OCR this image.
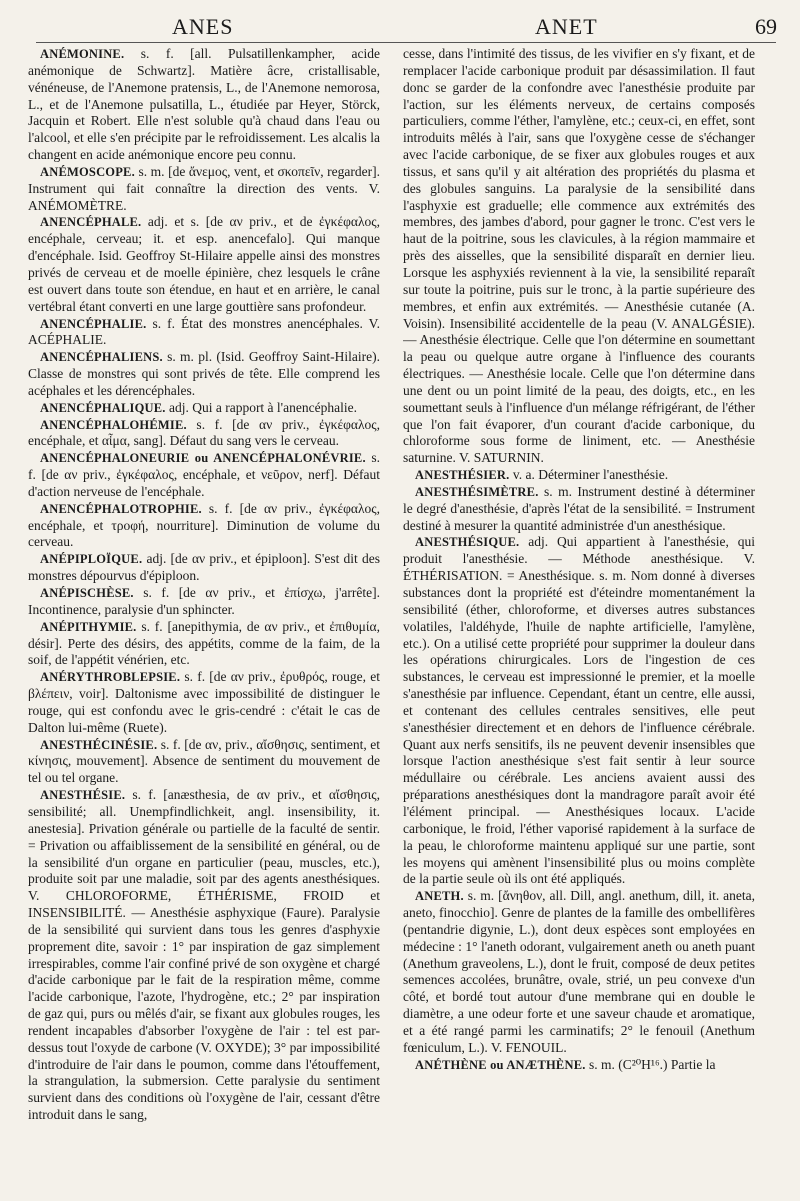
ANES	ANET	69

ANÉMONINE. s. f. [all. Pulsatillenkampher, acide anémonique de Schwartz]. Matière âcre, cristallisable, vénéneuse, de l'Anemone pratensis, L., de l'Anemone nemorosa, L., et de l'Anemone pulsatilla, L., étudiée par Heyer, Störck, Jacquin et Robert. Elle n'est soluble qu'à chaud dans l'eau ou l'alcool, et elle s'en précipite par le refroidissement. Les alcalis la changent en acide anémonique encore peu connu.

ANÉMOSCOPE. s. m. [de ἄνεμος, vent, et σκοπεῖν, regarder]. Instrument qui fait connaître la direction des vents. V. ANÉMOMÈTRE.

ANENCÉPHALE. adj. et s. [de αν priv., et de ἐγκέφαλος, encéphale, cerveau; it. et esp. anencefalo]. Qui manque d'encéphale. Isid. Geoffroy St-Hilaire appelle ainsi des monstres privés de cerveau et de moelle épinière, chez lesquels le crâne est ouvert dans toute son étendue, en haut et en arrière, le canal vertébral étant converti en une large gouttière sans profondeur.

ANENCÉPHALIE. s. f. État des monstres anencéphales. V. ACÉPHALIE.

ANENCÉPHALIENS. s. m. pl. (Isid. Geoffroy Saint-Hilaire). Classe de monstres qui sont privés de tête. Elle comprend les acéphales et les dérencéphales.

ANENCÉPHALIQUE. adj. Qui a rapport à l'anencéphalie.

ANENCÉPHALOHÉMIE. s. f. [de αν priv., ἐγκέφαλος, encéphale, et αἷμα, sang]. Défaut du sang vers le cerveau.

ANENCÉPHALONEURIE ou ANENCÉPHALONÉVRIE. s. f. [de αν priv., ἐγκέφαλος, encéphale, et νεῦρον, nerf]. Défaut d'action nerveuse de l'encéphale.

ANENCÉPHALOTROPHIE. s. f. [de αν priv., ἐγκέφαλος, encéphale, et τροφή, nourriture]. Diminution de volume du cerveau.

ANÉPIPLOÏQUE. adj. [de αν priv., et épiploon]. S'est dit des monstres dépourvus d'épiploon.

ANÉPISCHÈSE. s. f. [de αν priv., et ἐπίσχω, j'arrête]. Incontinence, paralysie d'un sphincter.

ANÉPITHYMIE. s. f. [anepithymia, de αν priv., et ἐπιθυμία, désir]. Perte des désirs, des appétits, comme de la faim, de la soif, de l'appétit vénérien, etc.

ANÉRYTHROBLEPSIE. s. f. [de αν priv., ἐρυθρός, rouge, et βλέπειν, voir]. Daltonisme avec impossibilité de distinguer le rouge, qui est confondu avec le gris-cendré : c'était le cas de Dalton lui-même (Ruete).

ANESTHÉCINÉSIE. s. f. [de αν, priv., αἴσθησις, sentiment, et κίνησις, mouvement]. Absence de sentiment du mouvement de tel ou tel organe.

ANESTHÉSIE. s. f. [anæsthesia, de αν priv., et αἴσθησις, sensibilité; all. Unempfindlichkeit, angl. insensibility, it. anestesia]. Privation générale ou partielle de la faculté de sentir. = Privation ou affaiblissement de la sensibilité en général, ou de la sensibilité d'un organe en particulier (peau, muscles, etc.), produite soit par une maladie, soit par des agents anesthésiques. V. CHLOROFORME, ÉTHÉRISME, FROID et INSENSIBILITÉ. — Anesthésie asphyxique (Faure). Paralysie de la sensibilité qui survient dans tous les genres d'asphyxie proprement dite, savoir : 1° par inspiration de gaz simplement irrespirables, comme l'air confiné privé de son oxygène et chargé d'acide carbonique par le fait de la respiration même, comme l'acide carbonique, l'azote, l'hydrogène, etc.; 2° par inspiration de gaz qui, purs ou mêlés d'air, se fixant aux globules rouges, les rendent incapables d'absorber l'oxygène de l'air : tel est par-dessus tout l'oxyde de carbone (V. OXYDE); 3° par impossibilité d'introduire de l'air dans le poumon, comme dans l'étouffement, la strangulation, la submersion. Cette paralysie du sentiment survient dans des conditions où l'oxygène de l'air, cessant d'être introduit dans le sang,

cesse, dans l'intimité des tissus, de les vivifier en s'y fixant, et de remplacer l'acide carbonique produit par désassimilation. Il faut donc se garder de la confondre avec l'anesthésie produite par l'action, sur les éléments nerveux, de certains composés particuliers, comme l'éther, l'amylène, etc.; ceux-ci, en effet, sont introduits mêlés à l'air, sans que l'oxygène cesse de s'échanger avec l'acide carbonique, de se fixer aux globules rouges et aux tissus, et sans qu'il y ait altération des propriétés du plasma et des globules sanguins. La paralysie de la sensibilité dans l'asphyxie est graduelle; elle commence aux extrémités des membres, des jambes d'abord, pour gagner le tronc. C'est vers le haut de la poitrine, sous les clavicules, à la région mammaire et près des aisselles, que la sensibilité disparaît en dernier lieu. Lorsque les asphyxiés reviennent à la vie, la sensibilité reparaît sur toute la poitrine, puis sur le tronc, à la partie supérieure des membres, et enfin aux extrémités. — Anesthésie cutanée (A. Voisin). Insensibilité accidentelle de la peau (V. ANALGÉSIE). — Anesthésie électrique. Celle que l'on détermine en soumettant la peau ou quelque autre organe à l'influence des courants électriques. — Anesthésie locale. Celle que l'on détermine dans une dent ou un point limité de la peau, des doigts, etc., en les soumettant seuls à l'influence d'un mélange réfrigérant, de l'éther que l'on fait évaporer, d'un courant d'acide carbonique, du chloroforme sous forme de liniment, etc. — Anesthésie saturnine. V. SATURNIN.

ANESTHÉSIER. v. a. Déterminer l'anesthésie.

ANESTHÉSIMÈTRE. s. m. Instrument destiné à déterminer le degré d'anesthésie, d'après l'état de la sensibilité. = Instrument destiné à mesurer la quantité administrée d'un anesthésique.

ANESTHÉSIQUE. adj. Qui appartient à l'anesthésie, qui produit l'anesthésie. — Méthode anesthésique. V. ÉTHÉRISATION. = Anesthésique. s. m. Nom donné à diverses substances dont la propriété est d'éteindre momentanément la sensibilité (éther, chloroforme, et diverses autres substances volatiles, l'aldéhyde, l'huile de naphte artificielle, l'amylène, etc.). On a utilisé cette propriété pour supprimer la douleur dans les opérations chirurgicales. Lors de l'ingestion de ces substances, le cerveau est impressionné le premier, et la moelle s'anesthésie par influence. Cependant, étant un centre, elle aussi, et contenant des cellules centrales sensitives, elle peut s'anesthésier directement et en dehors de l'influence cérébrale. Quant aux nerfs sensitifs, ils ne peuvent devenir insensibles que lorsque l'action anesthésique s'est fait sentir à leur source médullaire ou cérébrale. Les anciens avaient aussi des préparations anesthésiques dont la mandragore paraît avoir été l'élément principal. — Anesthésiques locaux. L'acide carbonique, le froid, l'éther vaporisé rapidement à la surface de la peau, le chloroforme maintenu appliqué sur une partie, sont les moyens qui amènent l'insensibilité plus ou moins complète de la partie seule où ils ont été appliqués.

ANETH. s. m. [ἄνηθον, all. Dill, angl. anethum, dill, it. aneta, aneto, finocchio]. Genre de plantes de la famille des ombellifères (pentandrie digynie, L.), dont deux espèces sont employées en médecine : 1° l'aneth odorant, vulgairement aneth ou aneth puant (Anethum graveolens, L.), dont le fruit, composé de deux petites semences accolées, brunâtre, ovale, strié, un peu convexe d'un côté, et bordé tout autour d'une membrane qui en double le diamètre, a une odeur forte et une saveur chaude et aromatique, et a été rangé parmi les carminatifs; 2° le fenouil (Anethum fœniculum, L.). V. FENOUIL.

ANÉTHÈNE ou ANÆTHÈNE. s. m. (C²⁰H¹⁶.) Partie la
